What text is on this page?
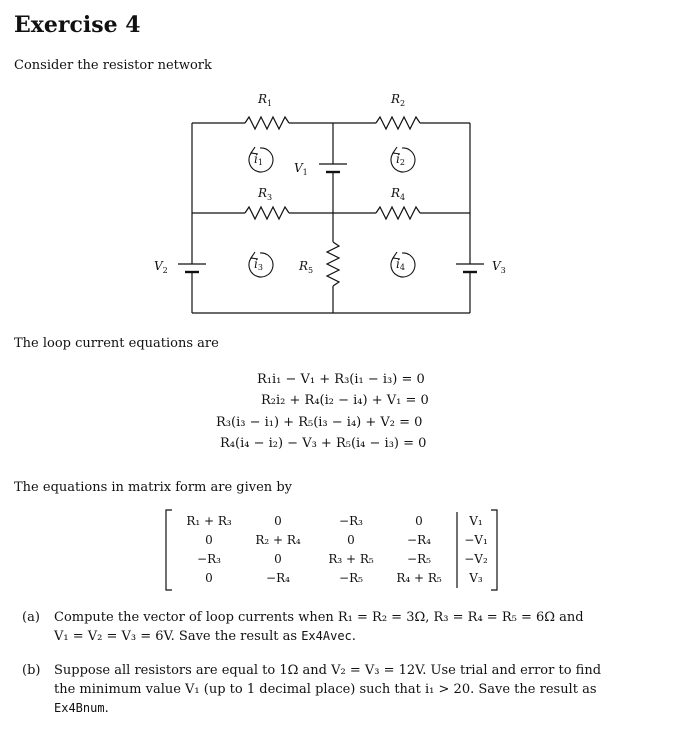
Exercise 4
Consider the resistor network
$R_1$	$R_2$
$R_3$	$R_4$
$R_5$
$V_1$
$V_2$	$V_3$
i1	i2
i3	i4
The loop current equations are
R₁i₁ − V₁ + R₃(i₁ − i₃) = 0
R₂i₂ + R₄(i₂ − i₄) + V₁ = 0
R₃(i₃ − i₁) + R₅(i₃ − i₄) + V₂ = 0
R₄(i₄ − i₂) − V₃ + R₅(i₄ − i₃) = 0
The equations in matrix form are given by
R₁ + R₃	0	−R₃	0	V₁
0	R₂ + R₄	0	−R₄	−V₁
−R₃	0	R₃ + R₅	−R₅	−V₂
0	−R₄	−R₅	R₄ + R₅	V₃
(a) Compute the vector of loop currents when R₁ = R₂ = 3Ω, R₃ = R₄ = R₅ = 6Ω and
V₁ = V₂ = V₃ = 6V. Save the result as Ex4Avec.
(b) Suppose all resistors are equal to 1Ω and V₂ = V₃ = 12V. Use trial and error to find
the minimum value V₁ (up to 1 decimal place) such that i₁ > 20. Save the result as
Ex4Bnum.
